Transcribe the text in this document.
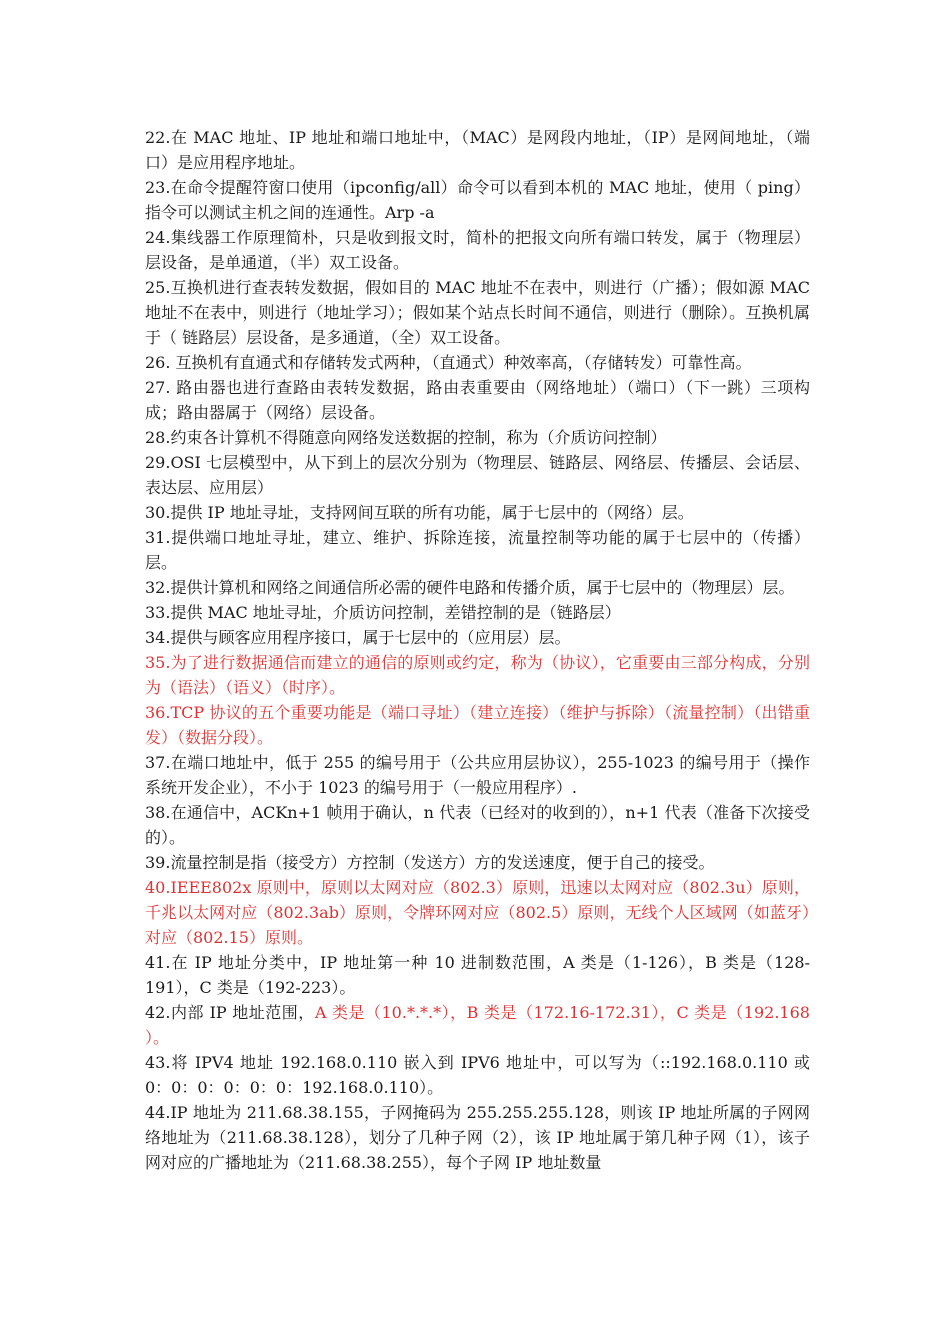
22.在 MAC 地址、IP 地址和端口地址中，（MAC）是网段内地址，（IP）是网间地址，（端口）是应用程序地址。

23.在命令提醒符窗口使用（ipconfig/all）命令可以看到本机的 MAC 地址，使用（ ping）指令可以测试主机之间的连通性。Arp -a

24.集线器工作原理简朴，只是收到报文时，简朴的把报文向所有端口转发，属于（物理层）层设备，是单通道，（半）双工设备。

25.互换机进行查表转发数据，假如目的 MAC 地址不在表中，则进行（广播）；假如源 MAC 地址不在表中，则进行（地址学习）；假如某个站点长时间不通信，则进行（删除）。互换机属于（ 链路层）层设备，是多通道，（全）双工设备。

26. 互换机有直通式和存储转发式两种，（直通式）种效率高，（存储转发）可靠性高。

27. 路由器也进行查路由表转发数据，路由表重要由（网络地址）（端口）（下一跳）三项构成；路由器属于（网络）层设备。

28.约束各计算机不得随意向网络发送数据的控制，称为（介质访问控制）

29.OSI 七层模型中，从下到上的层次分别为（物理层、链路层、网络层、传播层、会话层、表达层、应用层）

30.提供 IP 地址寻址，支持网间互联的所有功能，属于七层中的（网络）层。

31.提供端口地址寻址，建立、维护、拆除连接，流量控制等功能的属于七层中的（传播）层。

32.提供计算机和网络之间通信所必需的硬件电路和传播介质，属于七层中的（物理层）层。

33.提供 MAC 地址寻址，介质访问控制，差错控制的是（链路层）

34.提供与顾客应用程序接口，属于七层中的（应用层）层。

35.为了进行数据通信而建立的通信的原则或约定，称为（协议），它重要由三部分构成，分别为（语法）（语义）（时序）。

36.TCP 协议的五个重要功能是（端口寻址）（建立连接）（维护与拆除）（流量控制）（出错重发）（数据分段）。

37.在端口地址中，低于 255 的编号用于（公共应用层协议），255-1023 的编号用于（操作系统开发企业），不小于 1023 的编号用于（一般应用程序）.

38.在通信中，ACKn+1 帧用于确认，n 代表（已经对的收到的），n+1 代表（准备下次接受的）。

39.流量控制是指（接受方）方控制（发送方）方的发送速度，便于自己的接受。

40.IEEE802x 原则中，原则以太网对应（802.3）原则，迅速以太网对应（802.3u）原则，千兆以太网对应（802.3ab）原则，令牌环网对应（802.5）原则，无线个人区域网（如蓝牙）对应（802.15）原则。

41.在 IP 地址分类中，IP 地址第一种 10 进制数范围，A 类是（1-126），B 类是（128-191），C 类是（192-223）。

42.内部 IP 地址范围，A 类是（10.*.*.*），B 类是（172.16-172.31），C 类是（192.168 ）。

43.将 IPV4 地址 192.168.0.110 嵌入到 IPV6 地址中，可以写为（::192.168.0.110 或 0：0：0：0：0：0：192.168.0.110）。

44.IP 地址为 211.68.38.155，子网掩码为 255.255.255.128，则该 IP 地址所属的子网网络地址为（211.68.38.128），划分了几种子网（2），该 IP 地址属于第几种子网（1），该子网对应的广播地址为（211.68.38.255），每个子网 IP 地址数量
